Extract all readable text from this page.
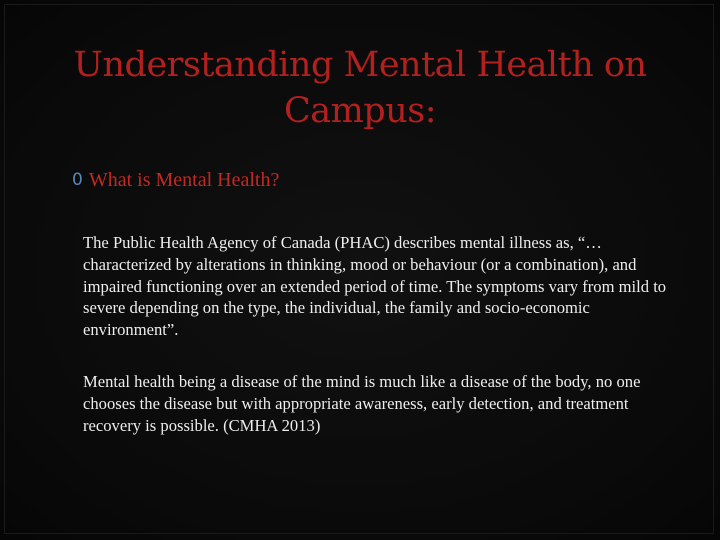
Understanding Mental Health on Campus:
0 What is Mental Health?

The Public Health Agency of Canada (PHAC) describes mental illness as, “…characterized by alterations in thinking, mood or behaviour (or a combination), and impaired functioning over an extended period of time. The symptoms vary from mild to severe depending on the type, the individual, the family and socio-economic environment”.

Mental health being a disease of the mind is much like a disease of the body, no one chooses the disease but with appropriate awareness, early detection, and treatment recovery is possible. (CMHA 2013)
